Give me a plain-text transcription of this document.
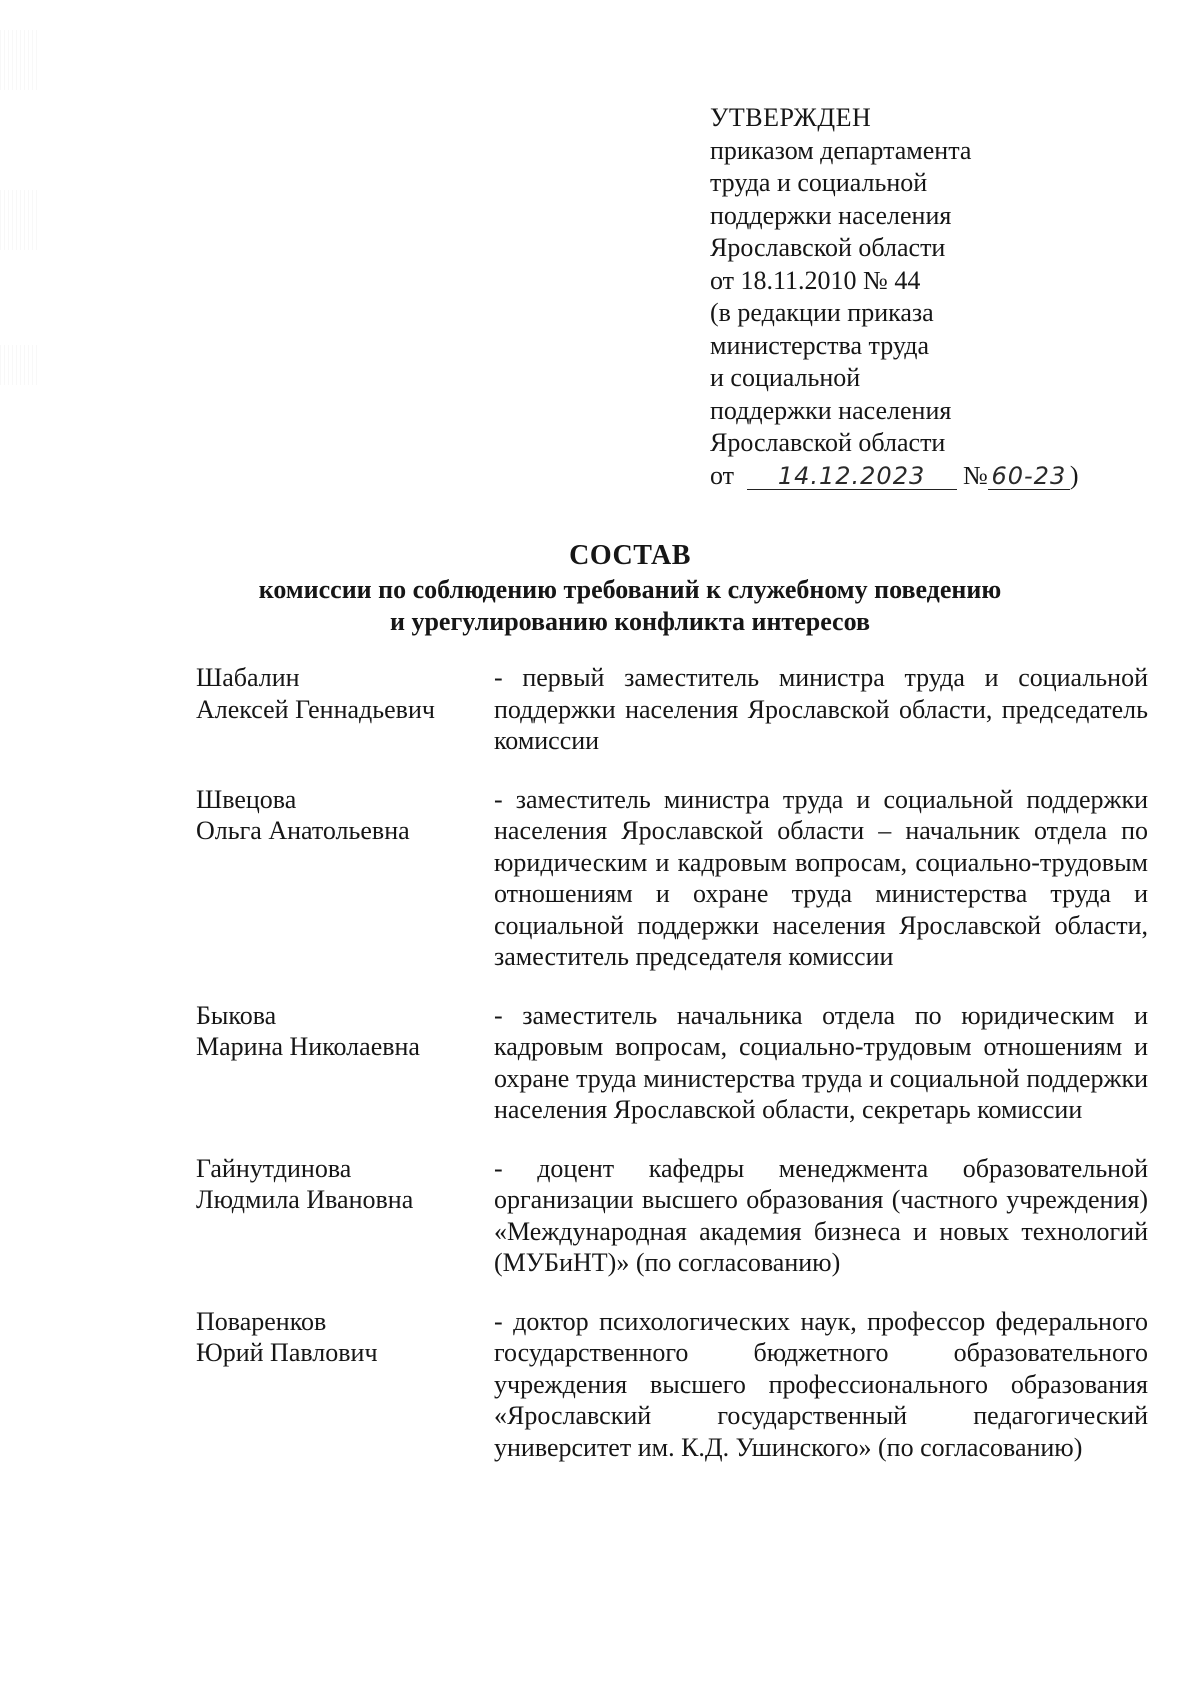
УТВЕРЖДЕН
приказом департамента
труда и социальной
поддержки населения
Ярославской области
от 18.11.2010 № 44
(в редакции приказа
министерства труда
и социальной
поддержки населения
Ярославской области
от 14.12.2023 № 60-23 )
СОСТАВ
комиссии по соблюдению требований к служебному поведению
и урегулированию конфликта интересов
Шабалин
Алексей Геннадьевич
- первый заместитель министра труда и социальной поддержки населения Ярославской области, председатель комиссии
Швецова
Ольга Анатольевна
- заместитель министра труда и социальной поддержки населения Ярославской области – начальник отдела по юридическим и кадровым вопросам, социально-трудовым отношениям и охране труда министерства труда и социальной поддержки населения Ярославской области, заместитель председателя комиссии
Быкова
Марина Николаевна
- заместитель начальника отдела по юридическим и кадровым вопросам, социально-трудовым отношениям и охране труда министерства труда и социальной поддержки населения Ярославской области, секретарь комиссии
Гайнутдинова
Людмила Ивановна
- доцент кафедры менеджмента образовательной организации высшего образования (частного учреждения) «Международная академия бизнеса и новых технологий (МУБиНТ)» (по согласованию)
Поваренков
Юрий Павлович
- доктор психологических наук, профессор федерального государственного бюджетного образовательного учреждения высшего профессионального образования «Ярославский государственный педагогический университет им. К.Д. Ушинского» (по согласованию)
